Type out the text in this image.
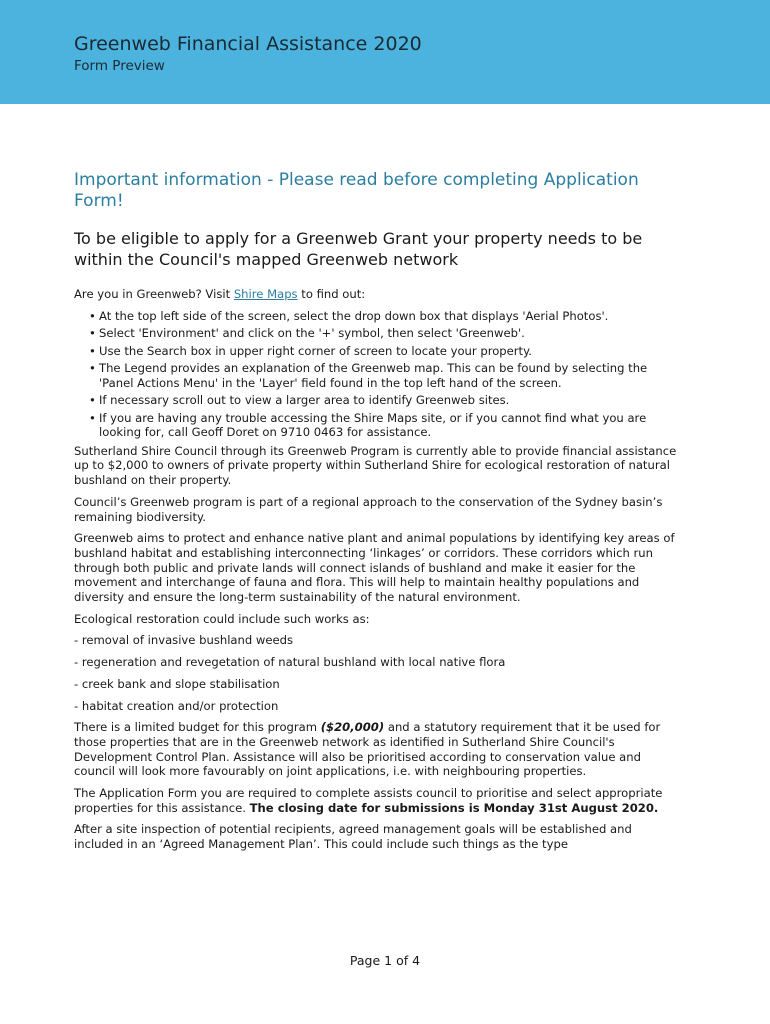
Greenweb Financial Assistance 2020
Form Preview
Important information - Please read before completing Application Form!
To be eligible to apply for a Greenweb Grant your property needs to be within the Council's mapped Greenweb network

Are you in Greenweb? Visit Shire Maps to find out:

• At the top left side of the screen, select the drop down box that displays 'Aerial Photos'.
• Select 'Environment' and click on the '+' symbol, then select 'Greenweb'.
• Use the Search box in upper right corner of screen to locate your property.
• The Legend provides an explanation of the Greenweb map. This can be found by selecting the 'Panel Actions Menu' in the 'Layer' field found in the top left hand of the screen.
• If necessary scroll out to view a larger area to identify Greenweb sites.
• If you are having any trouble accessing the Shire Maps site, or if you cannot find what you are looking for, call Geoff Doret on 9710 0463 for assistance.

Sutherland Shire Council through its Greenweb Program is currently able to provide financial assistance up to $2,000 to owners of private property within Sutherland Shire for ecological restoration of natural bushland on their property.

Council’s Greenweb program is part of a regional approach to the conservation of the Sydney basin’s remaining biodiversity.

Greenweb aims to protect and enhance native plant and animal populations by identifying key areas of bushland habitat and establishing interconnecting ‘linkages’ or corridors. These corridors which run through both public and private lands will connect islands of bushland and make it easier for the movement and interchange of fauna and flora. This will help to maintain healthy populations and diversity and ensure the long-term sustainability of the natural environment.

Ecological restoration could include such works as:

- removal of invasive bushland weeds

- regeneration and revegetation of natural bushland with local native flora

- creek bank and slope stabilisation

- habitat creation and/or protection

There is a limited budget for this program ($20,000) and a statutory requirement that it be used for those properties that are in the Greenweb network as identified in Sutherland Shire Council's Development Control Plan. Assistance will also be prioritised according to conservation value and council will look more favourably on joint applications, i.e. with neighbouring properties.

The Application Form you are required to complete assists council to prioritise and select appropriate properties for this assistance. The closing date for submissions is Monday 31st August 2020.

After a site inspection of potential recipients, agreed management goals will be established and included in an ‘Agreed Management Plan’. This could include such things as the type

Page 1 of 4
